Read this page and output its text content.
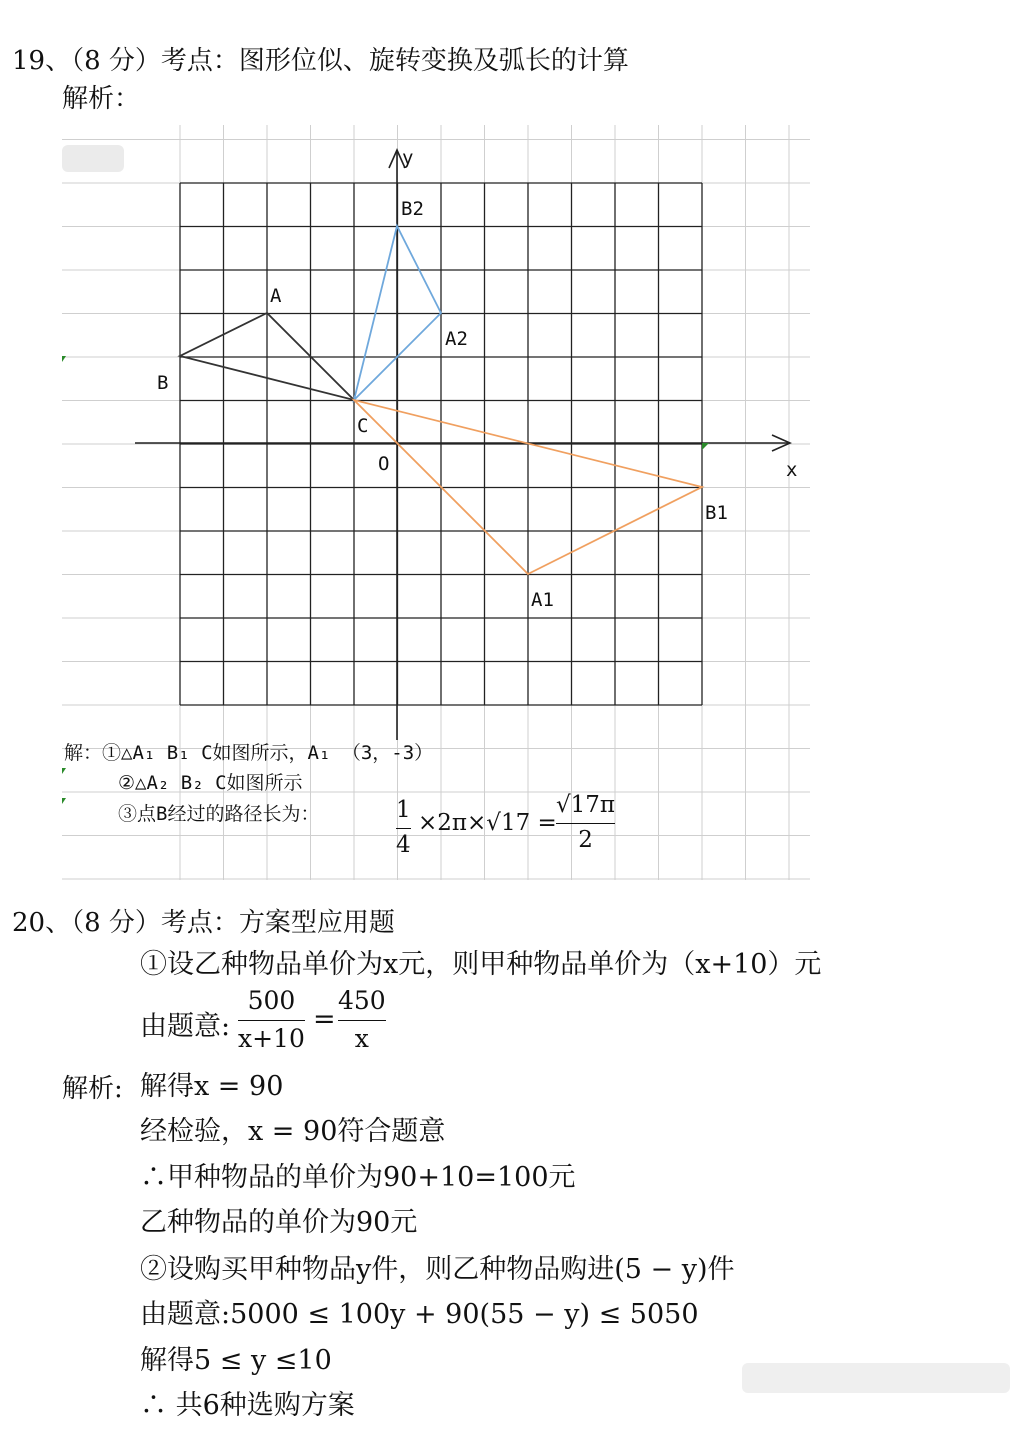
19、（8 分）考点：图形位似、旋转变换及弧长的计算
解析：
y
x
O
A
B
C
A1
B1
A2
B2
解：①△A₁ B₁ C如图所示，A₁ （3，-3）
②△A₂ B₂ C如图所示
③点B经过的路径长为：	1
4
×2π×√17 =
√17π
2
20、（8 分）考点：方案型应用题
①设乙种物品单价为x元，则甲种物品单价为（x+10）元
由题意:
500
x+10
=
450
x
解析: 解得x = 90
经检验，x = 90符合题意
∴甲种物品的单价为90+10=100元
乙种物品的单价为90元
②设购买甲种物品y件，则乙种物品购进(5 − y)件
由题意:5000 ≤ 100y + 90(55 − y) ≤ 5050
解得5 ≤ y ≤10
∴ 共6种选购方案
